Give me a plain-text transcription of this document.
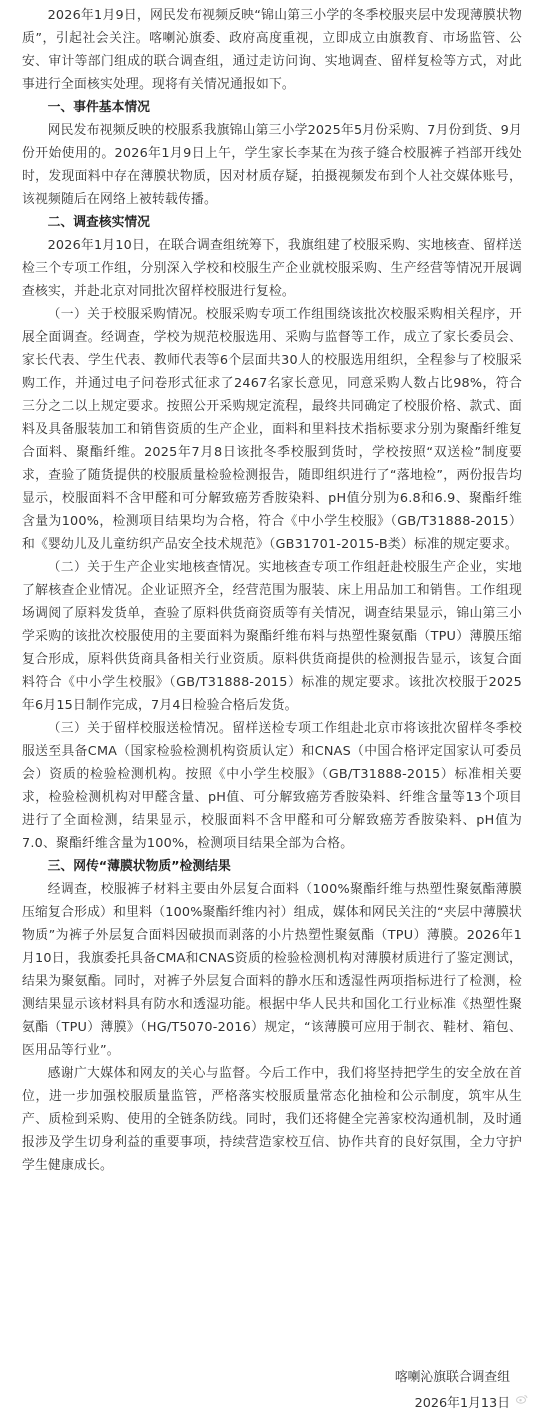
2026年1月9日，网民发布视频反映“锦山第三小学的冬季校服夹层中发现薄膜状物质”，引起社会关注。喀喇沁旗委、政府高度重视，立即成立由旗教育、市场监管、公安、审计等部门组成的联合调查组，通过走访问询、实地调查、留样复检等方式，对此事进行全面核实处理。现将有关情况通报如下。

一、事件基本情况

网民发布视频反映的校服系我旗锦山第三小学2025年5月份采购、7月份到货、9月份开始使用的。2026年1月9日上午，学生家长李某在为孩子缝合校服裤子裆部开线处时，发现面料中存在薄膜状物质，因对材质存疑，拍摄视频发布到个人社交媒体账号，该视频随后在网络上被转载传播。

二、调查核实情况

2026年1月10日，在联合调查组统筹下，我旗组建了校服采购、实地核查、留样送检三个专项工作组，分别深入学校和校服生产企业就校服采购、生产经营等情况开展调查核实，并赴北京对同批次留样校服进行复检。

（一）关于校服采购情况。校服采购专项工作组围绕该批次校服采购相关程序，开展全面调查。经调查，学校为规范校服选用、采购与监督等工作，成立了家长委员会、家长代表、学生代表、教师代表等6个层面共30人的校服选用组织，全程参与了校服采购工作，并通过电子问卷形式征求了2467名家长意见，同意采购人数占比98%，符合三分之二以上规定要求。按照公开采购规定流程，最终共同确定了校服价格、款式、面料及具备服装加工和销售资质的生产企业，面料和里料技术指标要求分别为聚酯纤维复合面料、聚酯纤维。2025年7月8日该批冬季校服到货时，学校按照“双送检”制度要求，查验了随货提供的校服质量检验检测报告，随即组织进行了“落地检”，两份报告均显示，校服面料不含甲醛和可分解致癌芳香胺染料、pH值分别为6.8和6.9、聚酯纤维含量为100%，检测项目结果均为合格，符合《中小学生校服》（GB/T31888-2015）和《婴幼儿及儿童纺织产品安全技术规范》（GB31701-2015-B类）标准的规定要求。

（二）关于生产企业实地核查情况。实地核查专项工作组赶赴校服生产企业，实地了解核查企业情况。企业证照齐全，经营范围为服装、床上用品加工和销售。工作组现场调阅了原料发货单，查验了原料供货商资质等有关情况，调查结果显示，锦山第三小学采购的该批次校服使用的主要面料为聚酯纤维布料与热塑性聚氨酯（TPU）薄膜压缩复合形成，原料供货商具备相关行业资质。原料供货商提供的检测报告显示，该复合面料符合《中小学生校服》（GB/T31888-2015）标准的规定要求。该批次校服于2025年6月15日制作完成，7月4日检验合格后发货。

（三）关于留样校服送检情况。留样送检专项工作组赴北京市将该批次留样冬季校服送至具备CMA（国家检验检测机构资质认定）和CNAS（中国合格评定国家认可委员会）资质的检验检测机构。按照《中小学生校服》（GB/T31888-2015）标准相关要求，检验检测机构对甲醛含量、pH值、可分解致癌芳香胺染料、纤维含量等13个项目进行了全面检测，结果显示，校服面料不含甲醛和可分解致癌芳香胺染料、pH值为7.0、聚酯纤维含量为100%，检测项目结果全部为合格。

三、网传“薄膜状物质”检测结果

经调查，校服裤子材料主要由外层复合面料（100%聚酯纤维与热塑性聚氨酯薄膜压缩复合形成）和里料（100%聚酯纤维内衬）组成，媒体和网民关注的“夹层中薄膜状物质”为裤子外层复合面料因破损而剥落的小片热塑性聚氨酯（TPU）薄膜。2026年1月10日，我旗委托具备CMA和CNAS资质的检验检测机构对薄膜材质进行了鉴定测试，结果为聚氨酯。同时，对裤子外层复合面料的静水压和透湿性两项指标进行了检测，检测结果显示该材料具有防水和透湿功能。根据中华人民共和国化工行业标准《热塑性聚氨酯（TPU）薄膜》（HG/T5070-2016）规定，“该薄膜可应用于制衣、鞋材、箱包、医用品等行业”。

感谢广大媒体和网友的关心与监督。今后工作中，我们将坚持把学生的安全放在首位，进一步加强校服质量监管，严格落实校服质量常态化抽检和公示制度，筑牢从生产、质检到采购、使用的全链条防线。同时，我们还将健全完善家校沟通机制，及时通报涉及学生切身利益的重要事项，持续营造家校互信、协作共育的良好氛围，全力守护学生健康成长。

喀喇沁旗联合调查组
2026年1月13日
